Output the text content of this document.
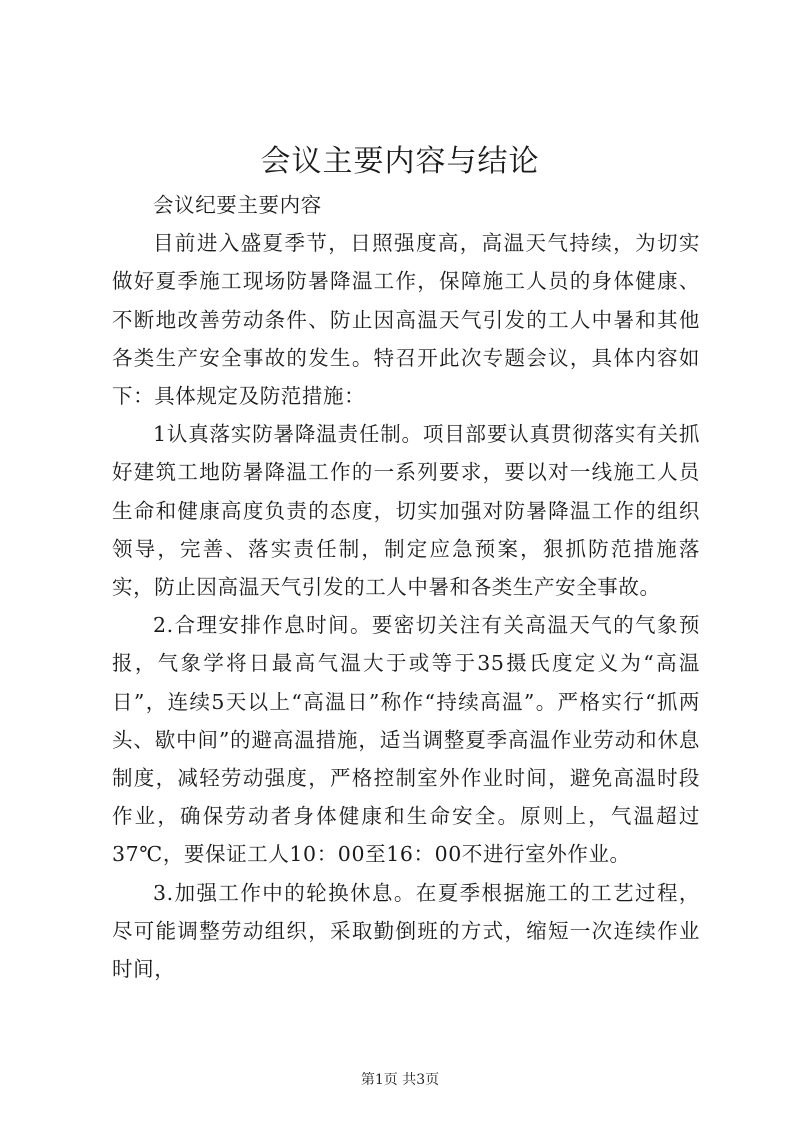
会议主要内容与结论

会议纪要主要内容

目前进入盛夏季节，日照强度高，高温天气持续，为切实做好夏季施工现场防暑降温工作，保障施工人员的身体健康、不断地改善劳动条件、防止因高温天气引发的工人中暑和其他各类生产安全事故的发生。特召开此次专题会议，具体内容如下：具体规定及防范措施：

1认真落实防暑降温责任制。项目部要认真贯彻落实有关抓好建筑工地防暑降温工作的一系列要求，要以对一线施工人员生命和健康高度负责的态度，切实加强对防暑降温工作的组织领导，完善、落实责任制，制定应急预案，狠抓防范措施落实，防止因高温天气引发的工人中暑和各类生产安全事故。

2.合理安排作息时间。要密切关注有关高温天气的气象预报，气象学将日最高气温大于或等于35摄氏度定义为“高温日”，连续5天以上“高温日”称作“持续高温”。严格实行“抓两头、歇中间”的避高温措施，适当调整夏季高温作业劳动和休息制度，减轻劳动强度，严格控制室外作业时间，避免高温时段作业，确保劳动者身体健康和生命安全。原则上，气温超过37℃，要保证工人10：00至16：00不进行室外作业。

3.加强工作中的轮换休息。在夏季根据施工的工艺过程，尽可能调整劳动组织，采取勤倒班的方式，缩短一次连续作业时间，

第1页 共3页
